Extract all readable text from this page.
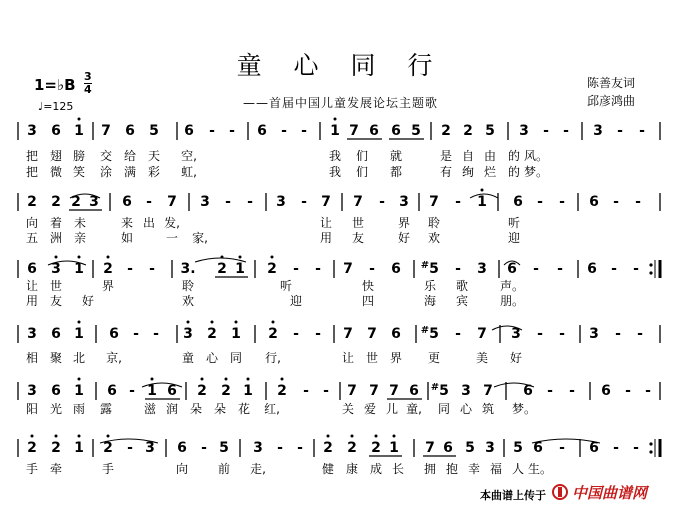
童 心 同 行
——首届中国儿童发展论坛主题歌
陈善友词
邱彦鸿曲
1=♭B 3
4
♩=125
3 6 1 7 6 5 6 - - 6 - - 1 7 6 6 5 2 2 5 3 - - 3 - -
把 翅 膀 交 给 天 空,	我 们 就	是 自 由 的 风。
把 微 笑 涂 满 彩 虹,	我 们 都	有 绚 烂 的 梦。
2 2 2 3 6 - 7 3 - - 3 - 7 7 - 3 7 - 1 6 - - 6 - -
向 着 未	来 出 发,	让 世	界 聆	听
五 洲 亲	如	一 家,	用 友	好 欢	迎
6 3 1 2 - - 3. 2 1 2 - - 7 - 6 5
# - 3 6 - - 6 - -
让 世	界	聆	听	快	乐 歌	声。
用 友 好	欢	迎	四	海 宾	朋。
3 6 1 6 - - 3 2 1 2 - - 7 7 6 5
# - 7 3 - - 3 - -
相 聚 北 京,	童 心 同 行,	让 世 界 更	美 好
3 6 1 6 - 1 6 2 2 1 2 - - 7 7 7 6 5
# 3 7 6 - - 6 - -
阳 光 雨 露	滋 润 朵 朵 花 红,	关 爱 儿 童, 同 心 筑 梦。
2 2 1 2 - 3 6 - 5 3 - - 2 2 2 1 7 6 5 3 5 6 - 6 - -
手 牵	手	向 前 走,	健 康 成 长 拥 抱 幸 福 人 生。
本曲谱上传于 中国曲谱网
